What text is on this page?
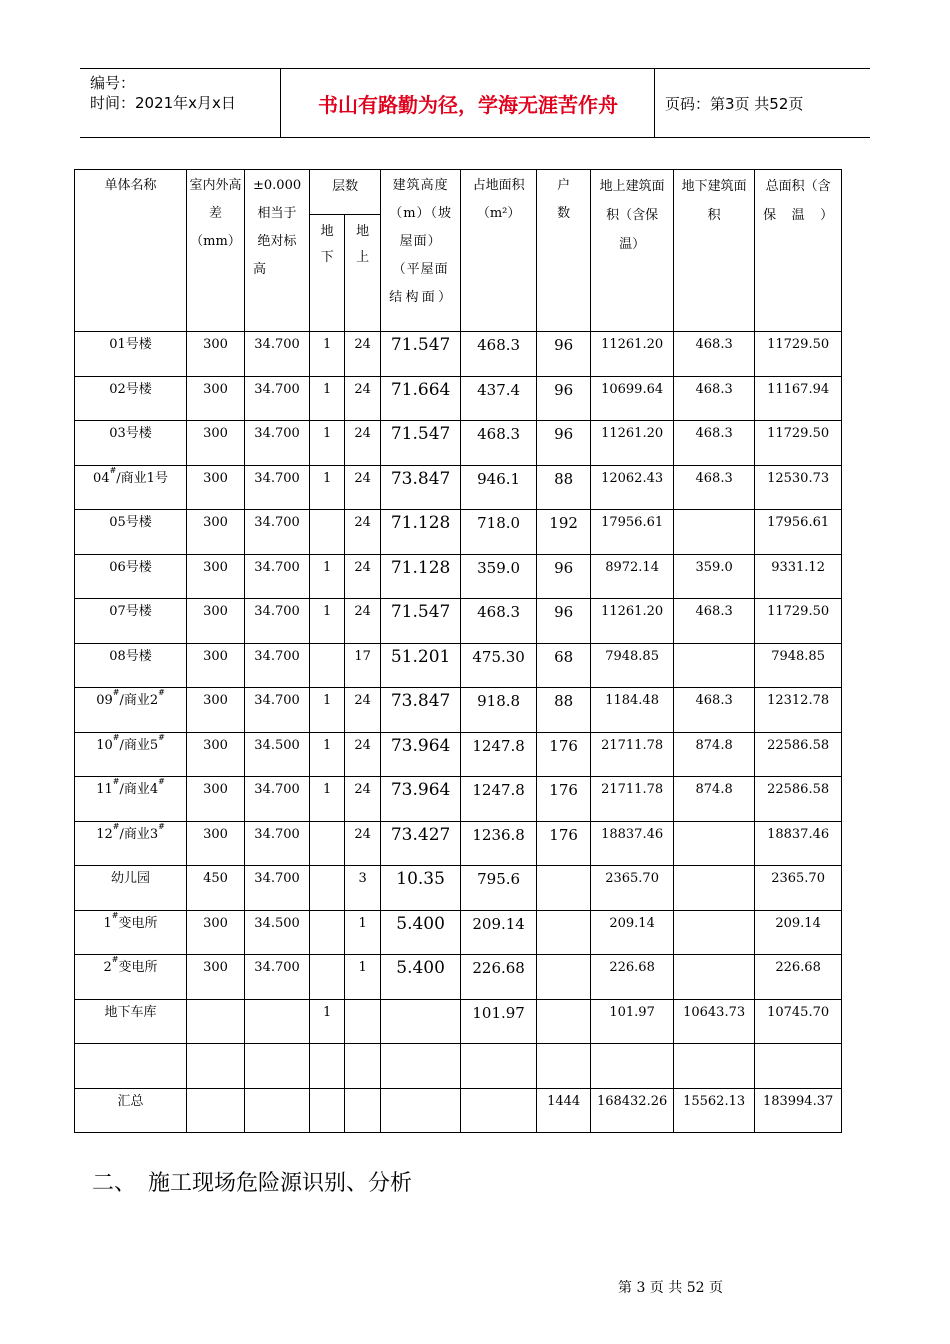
编号：
时间：2021年x月x日	书山有路勤为径，学海无涯苦作舟	页码：第3页 共52页
单体名称	室内外高差（mm）	±0.000相当于绝对标高	层数		建筑高度（m）（坡屋面）（平屋面结构面）	占地面积（m²）	户数	地上建筑面积（含保温）	地下建筑面积	总面积（含保温）
			地下	地上						
01号楼	300	34.700	1	24	71.547	468.3	96	11261.20	468.3	11729.50
02号楼	300	34.700	1	24	71.664	437.4	96	10699.64	468.3	11167.94
03号楼	300	34.700	1	24	71.547	468.3	96	11261.20	468.3	11729.50
04#/商业1号	300	34.700	1	24	73.847	946.1	88	12062.43	468.3	12530.73
05号楼	300	34.700		24	71.128	718.0	192	17956.61		17956.61
06号楼	300	34.700	1	24	71.128	359.0	96	8972.14	359.0	9331.12
07号楼	300	34.700	1	24	71.547	468.3	96	11261.20	468.3	11729.50
08号楼	300	34.700		17	51.201	475.30	68	7948.85		7948.85
09#/商业2#	300	34.700	1	24	73.847	918.8	88	1184.48	468.3	12312.78
10#/商业5#	300	34.500	1	24	73.964	1247.8	176	21711.78	874.8	22586.58
11#/商业4#	300	34.700	1	24	73.964	1247.8	176	21711.78	874.8	22586.58
12#/商业3#	300	34.700		24	73.427	1236.8	176	18837.46		18837.46
幼儿园	450	34.700		3	10.35	795.6		2365.70		2365.70
1#变电所	300	34.500		1	5.400	209.14		209.14		209.14
2#变电所	300	34.700		1	5.400	226.68		226.68		226.68
地下车库			1			101.97		101.97	10643.73	10745.70

汇总							1444	168432.26	15562.13	183994.37
二、 施工现场危险源识别、分析
第 3 页 共 52 页
